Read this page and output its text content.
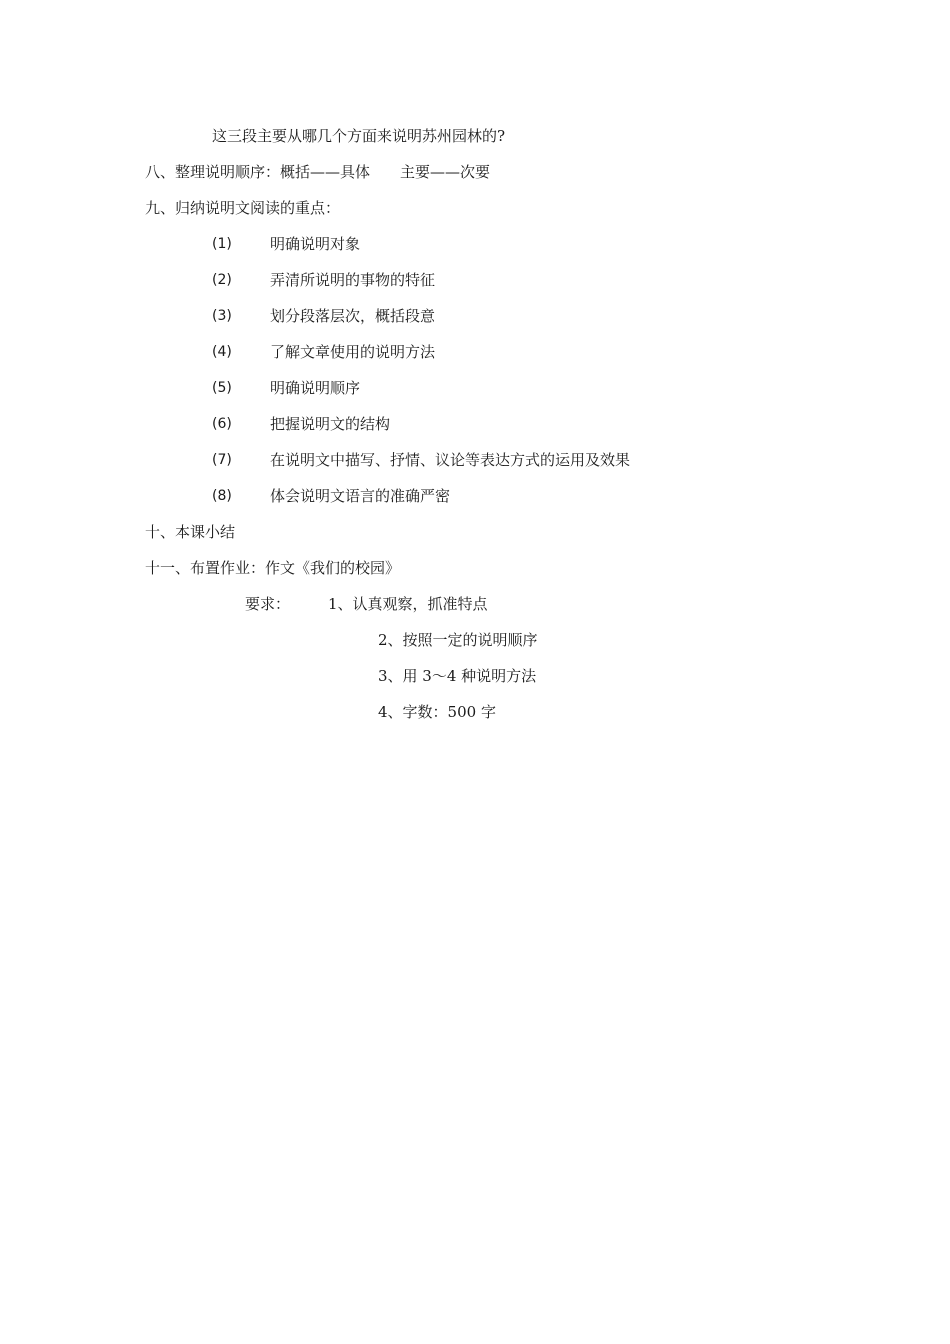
这三段主要从哪几个方面来说明苏州园林的?
八、整理说明顺序：概括——具体　　主要——次要
九、归纳说明文阅读的重点：
(1)	明确说明对象
(2)	弄清所说明的事物的特征
(3)	划分段落层次，概括段意
(4)	了解文章使用的说明方法
(5)	明确说明顺序
(6)	把握说明文的结构
(7)	在说明文中描写、抒情、议论等表达方式的运用及效果
(8)	体会说明文语言的准确严密
十、本课小结
十一、布置作业：作文《我们的校园》
要求：	1、认真观察，抓准特点
2、按照一定的说明顺序
3、用 3～4 种说明方法
4、字数：500 字
